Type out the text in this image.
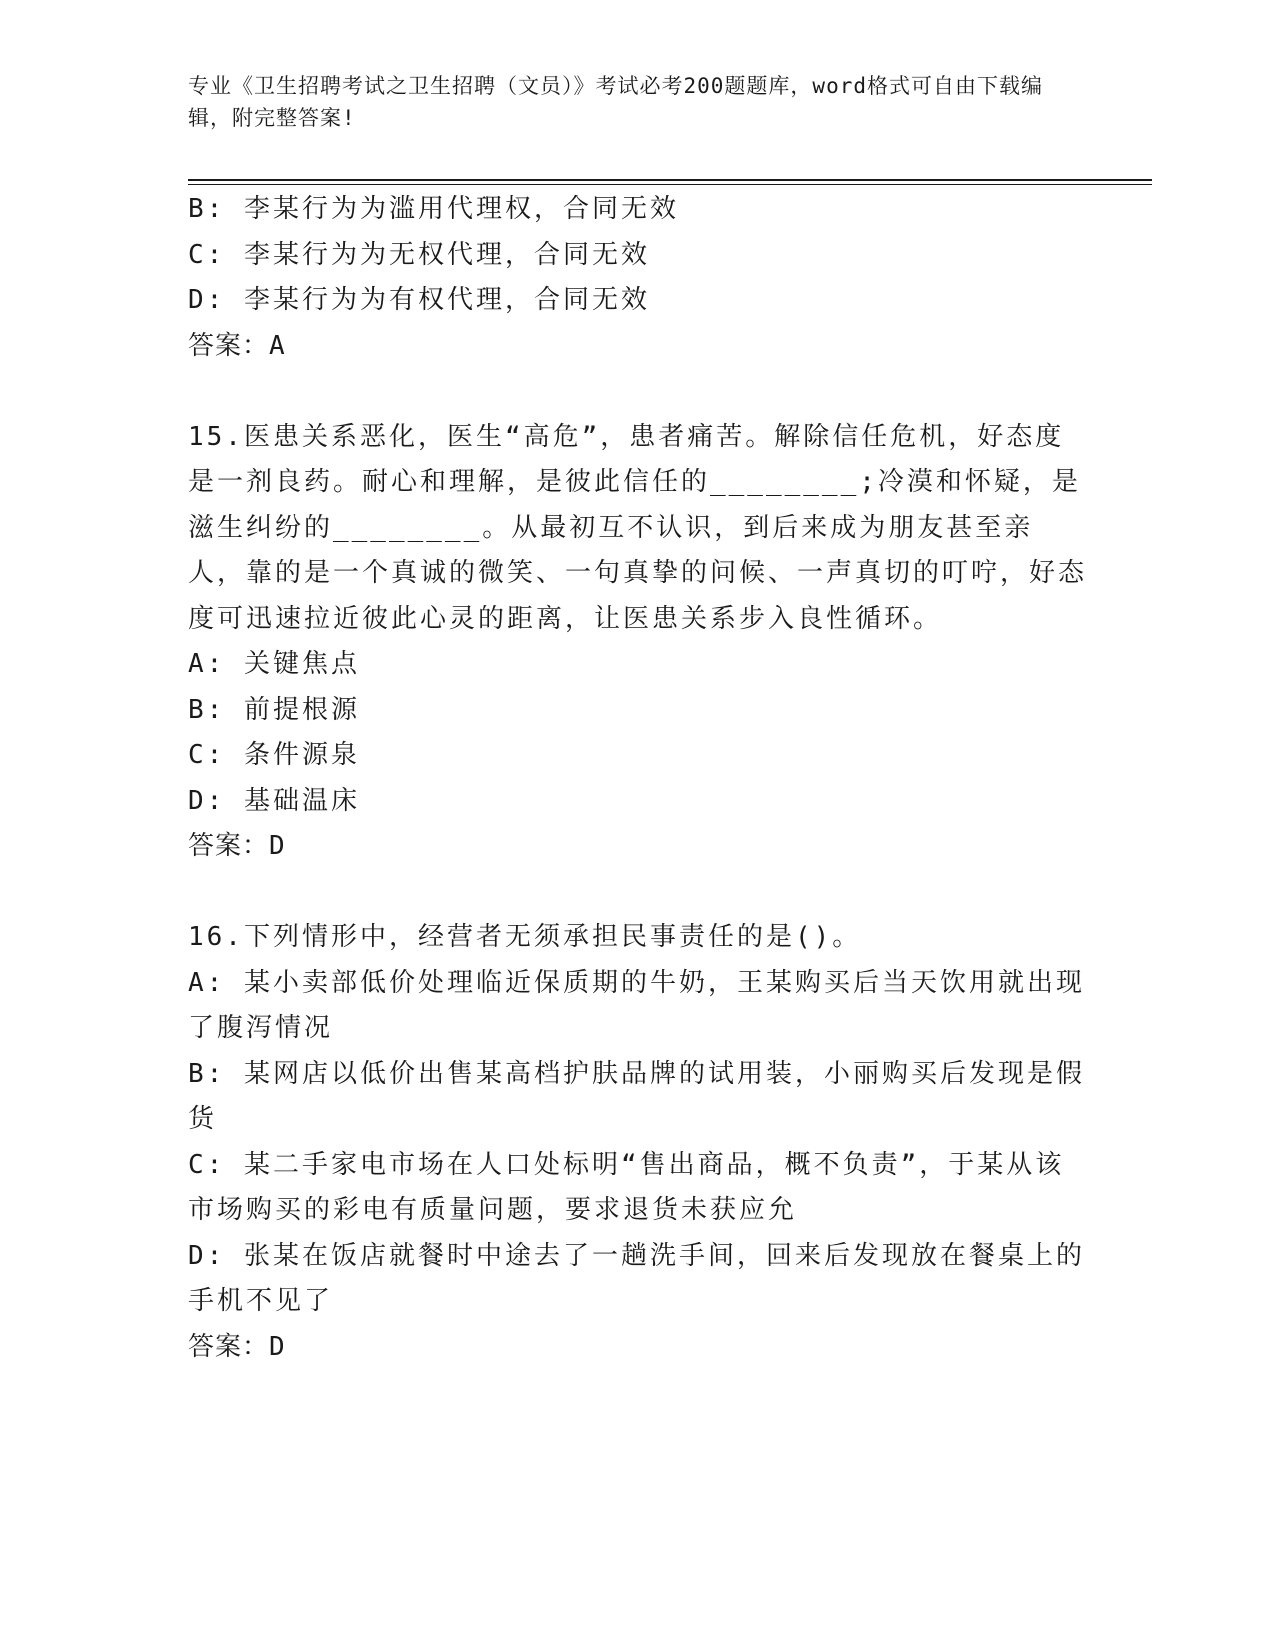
专业《卫生招聘考试之卫生招聘（文员）》考试必考200题题库，word格式可自由下载编辑，附完整答案!
B: 李某行为为滥用代理权，合同无效
C: 李某行为为无权代理，合同无效
D: 李某行为为有权代理，合同无效
答案：A
15.医患关系恶化，医生“高危”，患者痛苦。解除信任危机，好态度是一剂良药。耐心和理解，是彼此信任的________;冷漠和怀疑，是滋生纠纷的________。从最初互不认识，到后来成为朋友甚至亲人，靠的是一个真诚的微笑、一句真挚的问候、一声真切的叮咛，好态度可迅速拉近彼此心灵的距离，让医患关系步入良性循环。
A: 关键焦点
B: 前提根源
C: 条件源泉
D: 基础温床
答案：D
16.下列情形中，经营者无须承担民事责任的是()。
A: 某小卖部低价处理临近保质期的牛奶，王某购买后当天饮用就出现了腹泻情况
B: 某网店以低价出售某高档护肤品牌的试用装，小丽购买后发现是假货
C: 某二手家电市场在人口处标明“售出商品，概不负责”，于某从该市场购买的彩电有质量问题，要求退货未获应允
D: 张某在饭店就餐时中途去了一趟洗手间，回来后发现放在餐桌上的手机不见了
答案：D
